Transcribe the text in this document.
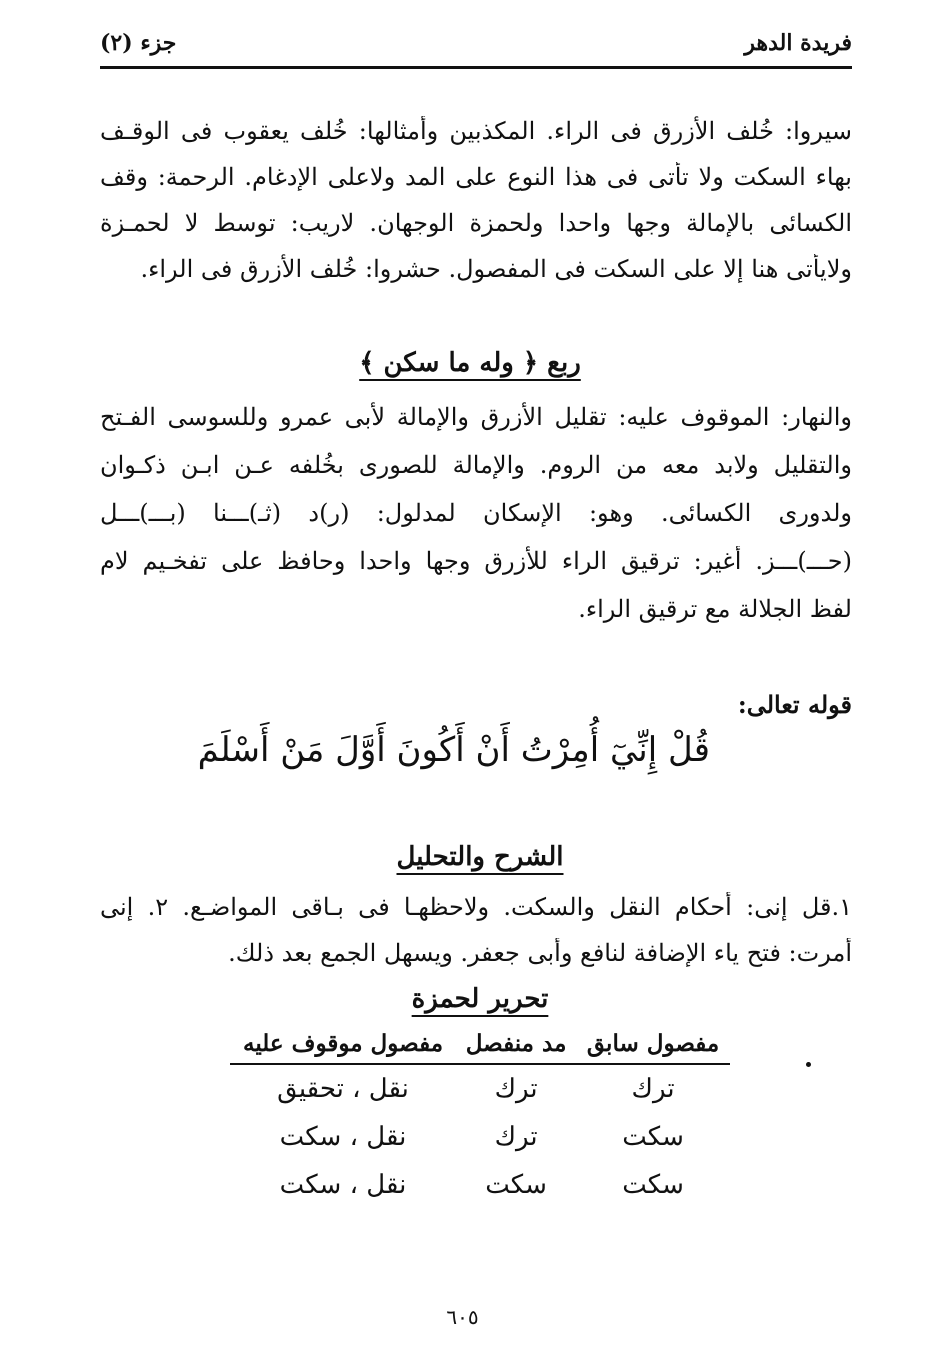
فريدة الدهر
جزء (٢)
سيروا: خُلف الأزرق فى الراء. المكذبين وأمثالها: خُلف يعقوب فى الوقـف
بهاء السكت ولا تأتى فى هذا النوع على المد ولاعلى الإدغام. الرحمة: وقف
الكسائى بالإمالة وجها واحدا ولحمزة الوجهان. لاريب: توسط لا لحمـزة
ولايأتى هنا إلا على السكت فى المفصول. حشروا: خُلف الأزرق فى الراء.
ربع ﴿ وله ما سكن ﴾
والنهار: الموقوف عليه: تقليل الأزرق والإمالة لأبى عمرو وللسوسى الفـتح
والتقليل ولابد معه من الروم. والإمالة للصورى بخُلفه عـن ابـن ذكـوان
ولدورى الكسائى. وهو: الإسكان لمدلول: (ر)د (ثـ)ـــنا (بـــ)ـــل
(حـــ)ـــز. أغير: ترقيق الراء للأزرق وجها واحدا وحافظ على تفخـيم لام
لفظ الجلالة مع ترقيق الراء.
قوله تعالى:
قُلْ إِنِّيٓ أُمِرْتُ أَنْ أَكُونَ أَوَّلَ مَنْ أَسْلَمَ
الشرح والتحليل
١.قل إنى: أحكام النقل والسكت. ولاحظهـا فى بـاقى المواضـع. ٢. إنى
أمرت: فتح ياء الإضافة لنافع وأبى جعفر. ويسهل الجمع بعد ذلك.
تحرير لحمزة
مفصول سابق	مد منفصل	مفصول موقوف عليه
ترك	ترك	نقل ، تحقيق
سكت	ترك	نقل ، سكت
سكت	سكت	نقل ، سكت
٦٠٥
